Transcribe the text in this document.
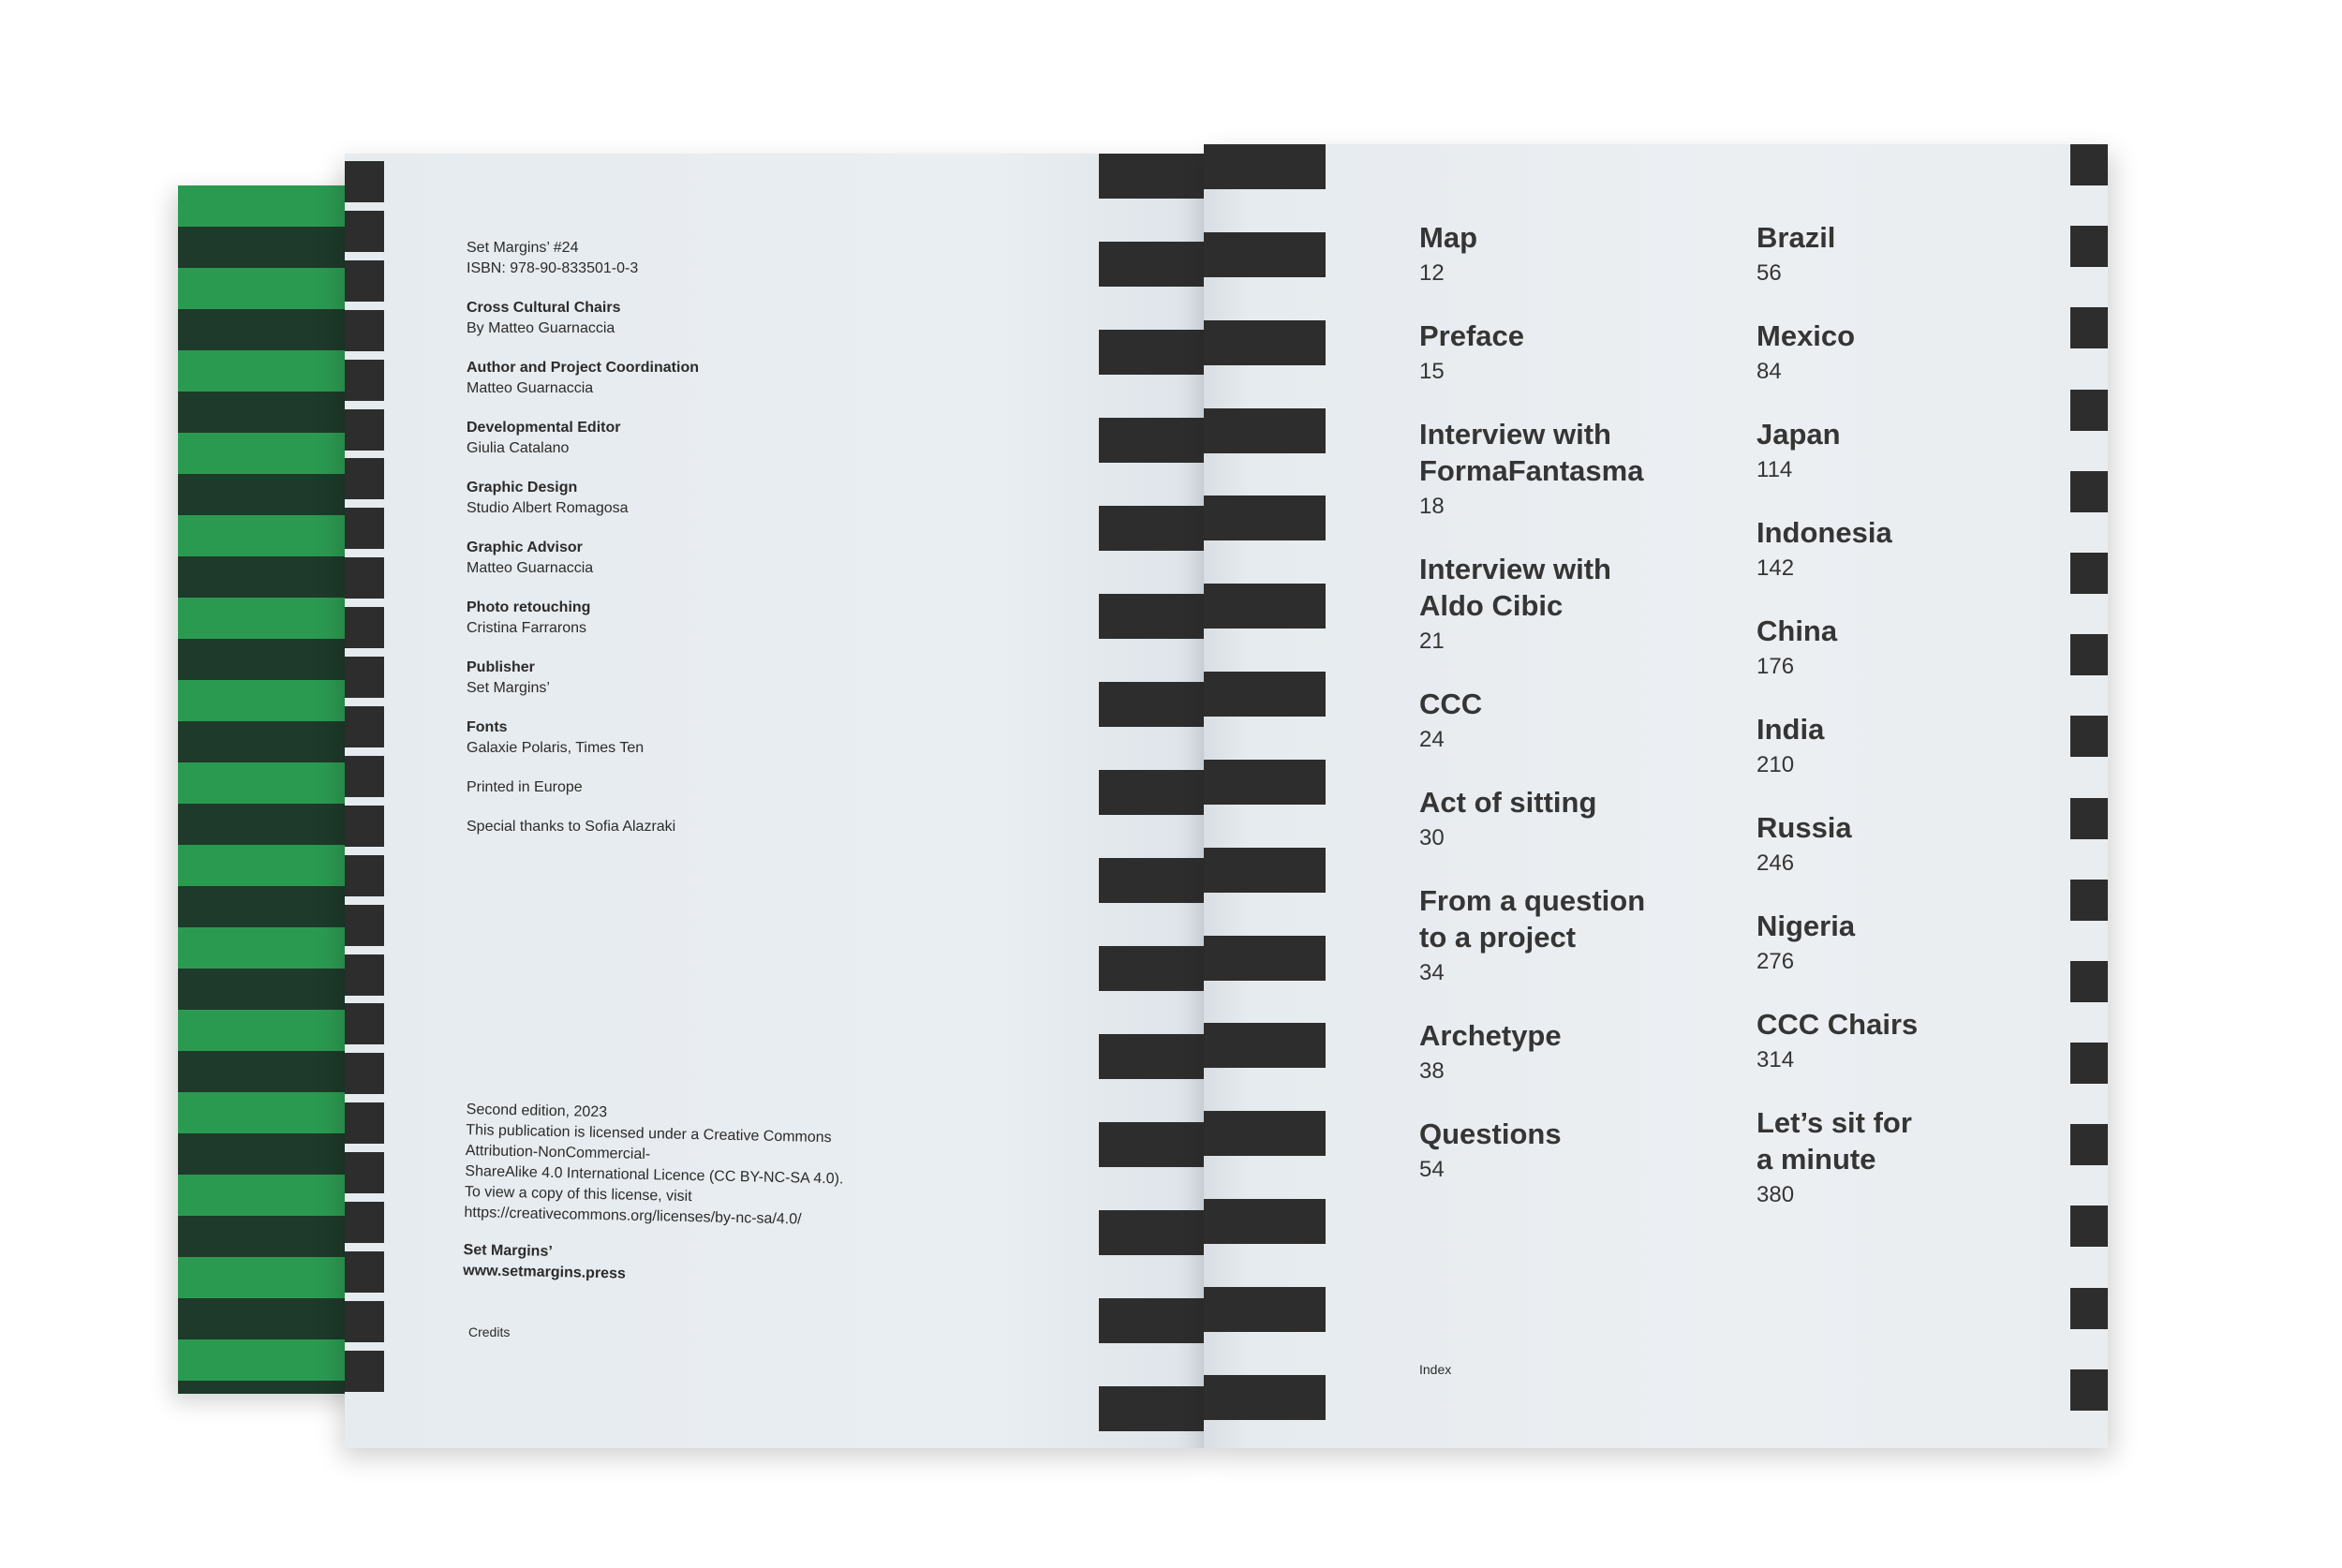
Set Margins’ #24
ISBN: 978-90-833501-0-3
Cross Cultural Chairs
By Matteo Guarnaccia
Author and Project Coordination
Matteo Guarnaccia
Developmental Editor
Giulia Catalano
Graphic Design
Studio Albert Romagosa
Graphic Advisor
Matteo Guarnaccia
Photo retouching
Cristina Farrarons
Publisher
Set Margins’
Fonts
Galaxie Polaris, Times Ten
Printed in Europe
Special thanks to Sofia Alazraki
Second edition, 2023
This publication is licensed under a Creative Commons
Attribution-NonCommercial-
ShareAlike 4.0 International Licence (CC BY-NC-SA 4.0).
To view a copy of this license, visit
https://creativecommons.org/licenses/by-nc-sa/4.0/
Set Margins’
www.setmargins.press
Credits
Map
12
Preface
15
Interview with
FormaFantasma
18
Interview with
Aldo Cibic
21
CCC
24
Act of sitting
30
From a question
to a project
34
Archetype
38
Questions
54
Brazil
56
Mexico
84
Japan
114
Indonesia
142
China
176
India
210
Russia
246
Nigeria
276
CCC Chairs
314
Let’s sit for
a minute
380
Index
